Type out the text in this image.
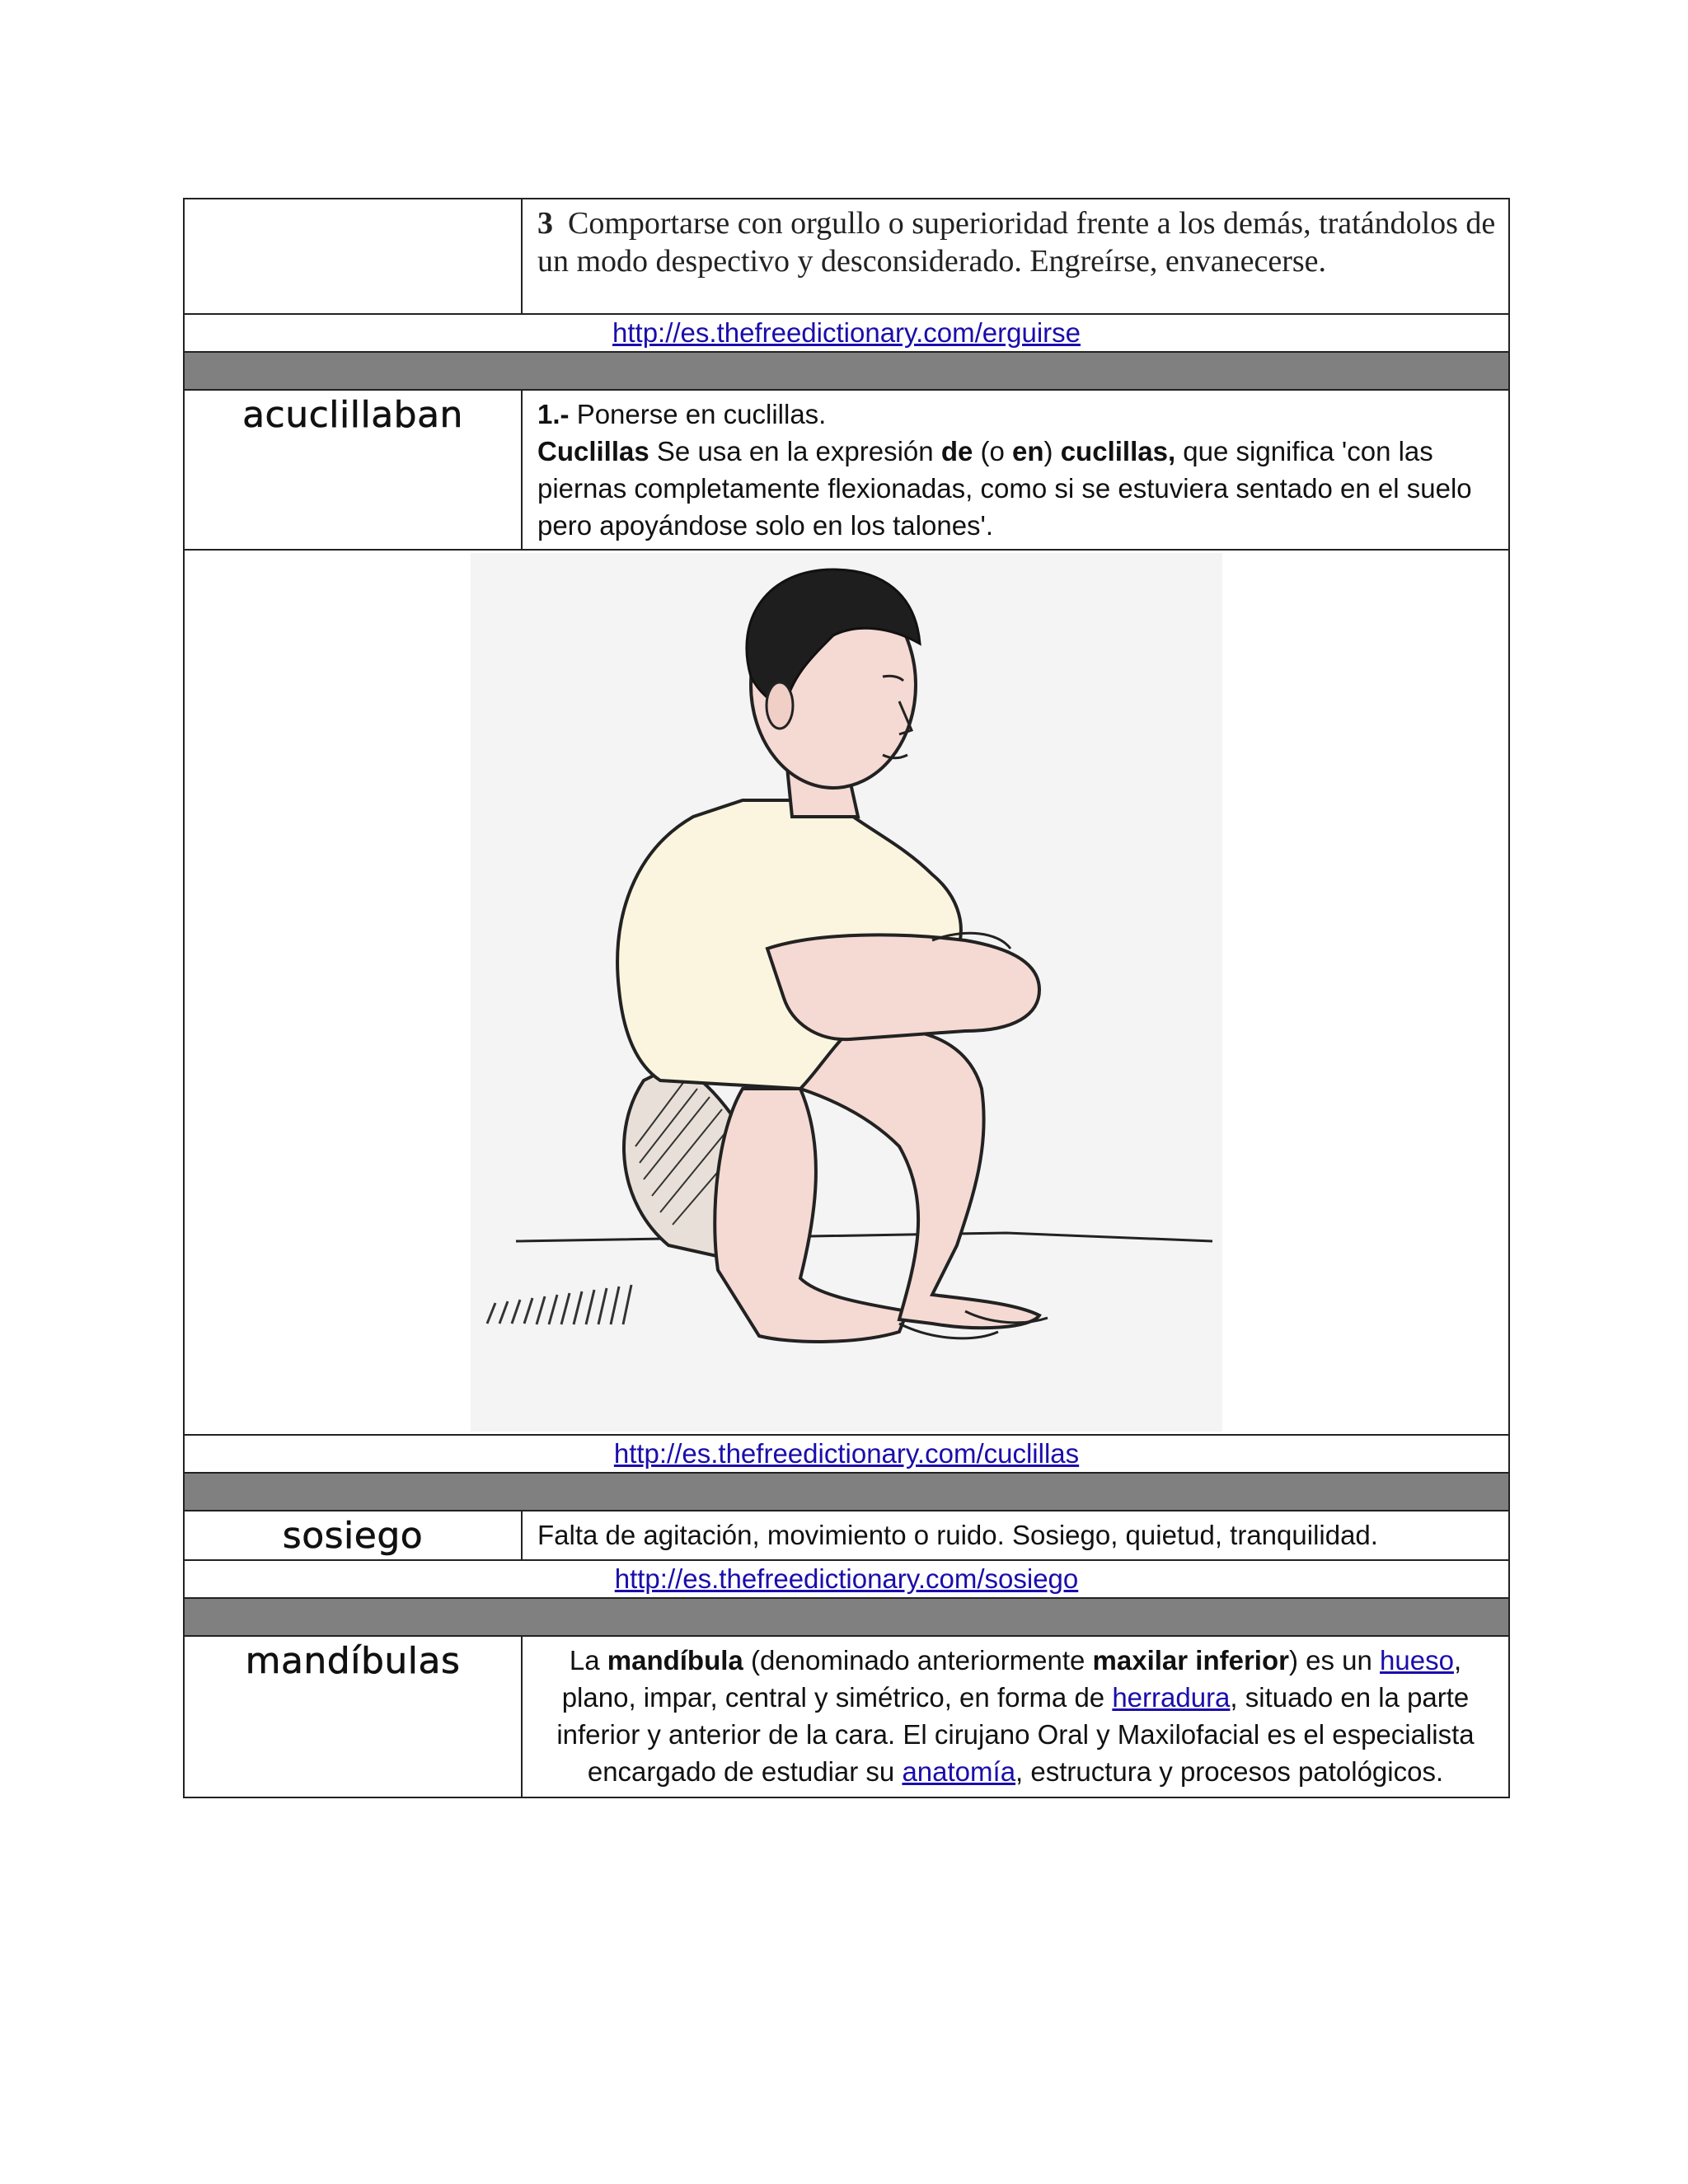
	3 Comportarse con orgullo o superioridad frente a los demás, tratándolos de un modo despectivo y desconsiderado. Engreírse, envanecerse.
http://es.thefreedictionary.com/erguirse	

acuclillaban	1.- Ponerse en cuclillas.
Cuclillas Se usa en la expresión de (o en) cuclillas, que significa 'con las piernas completamente flexionadas, como si se estuviera sentado en el suelo pero apoyándose solo en los talones'.

http://es.thefreedictionary.com/cuclillas	

sosiego	Falta de agitación, movimiento o ruido. Sosiego, quietud, tranquilidad.
http://es.thefreedictionary.com/sosiego	

mandíbulas	La mandíbula (denominado anteriormente maxilar inferior) es un hueso, plano, impar, central y simétrico, en forma de herradura, situado en la parte inferior y anterior de la cara. El cirujano Oral y Maxilofacial es el especialista encargado de estudiar su anatomía, estructura y procesos patológicos.
